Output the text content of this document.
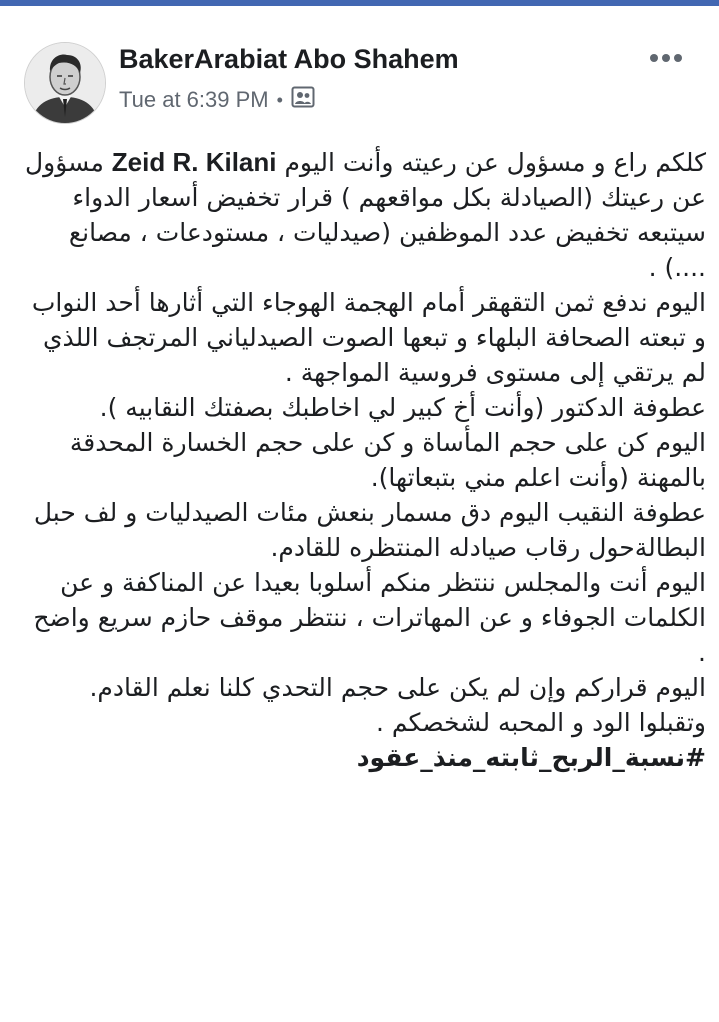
BakerArabiat Abo Shahem
Tue at 6:39 PM •

كلكم راع و مسؤول عن رعيته وأنت اليوم Zeid R. Kilani مسؤول عن رعيتك (الصيادلة بكل مواقعهم ) قرار تخفيض أسعار الدواء سيتبعه تخفيض عدد الموظفين (صيدليات ، مستودعات ، مصانع ....) .

اليوم ندفع ثمن التقهقر أمام الهجمة الهوجاء التي أثارها أحد النواب و تبعته الصحافة البلهاء و تبعها الصوت الصيدلياني المرتجف اللذي لم يرتقي إلى مستوى فروسية المواجهة .

عطوفة الدكتور (وأنت أخ كبير لي اخاطبك بصفتك النقابيه ).

اليوم كن على حجم المأساة و كن على حجم الخسارة المحدقة بالمهنة (وأنت اعلم مني بتبعاتها).

عطوفة النقيب اليوم دق مسمار بنعش مئات الصيدليات و لف حبل البطالةحول رقاب صيادله المنتظره للقادم.

اليوم أنت والمجلس ننتظر منكم أسلوبا بعيدا عن المناكفة و عن الكلمات الجوفاء و عن المهاترات ، ننتظر موقف حازم سريع واضح .

اليوم قراركم وإن لم يكن على حجم التحدي كلنا نعلم القادم.

وتقبلوا الود و المحبه لشخصكم .

#نسبة_الربح_ثابته_منذ_عقود
